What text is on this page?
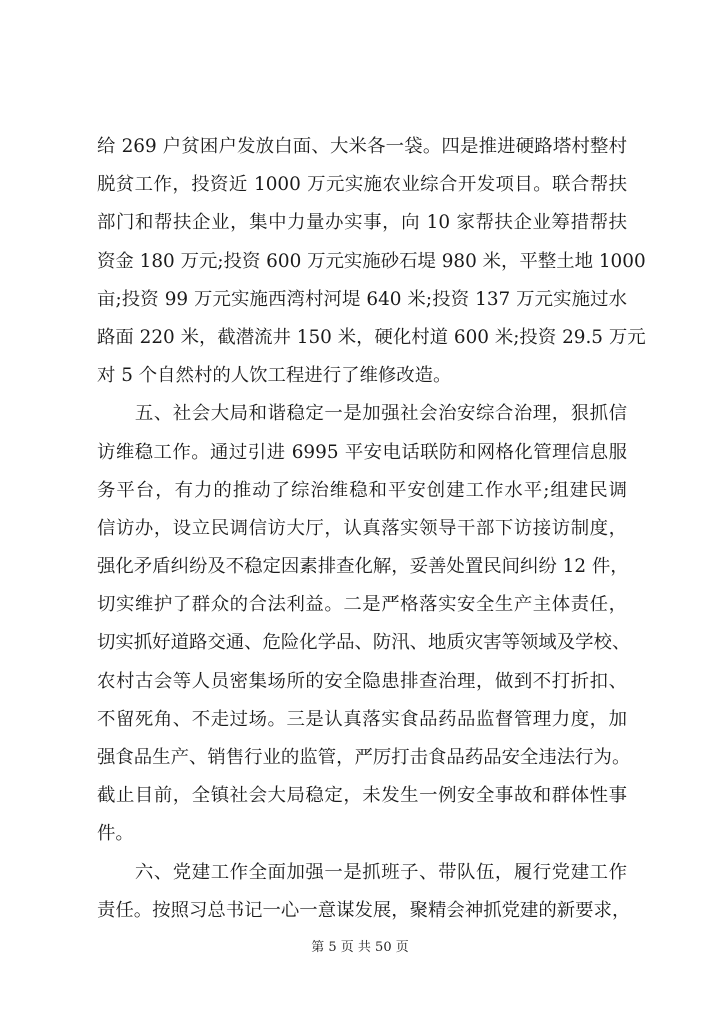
给 269 户贫困户发放白面、大米各一袋。四是推进硬路塔村整村
脱贫工作，投资近 1000 万元实施农业综合开发项目。联合帮扶
部门和帮扶企业，集中力量办实事，向 10 家帮扶企业筹措帮扶
资金 180 万元;投资 600 万元实施砂石堤 980 米，平整土地 1000
亩;投资 99 万元实施西湾村河堤 640 米;投资 137 万元实施过水
路面 220 米，截潜流井 150 米，硬化村道 600 米;投资 29.5 万元
对 5 个自然村的人饮工程进行了维修改造。
　　五、社会大局和谐稳定一是加强社会治安综合治理，狠抓信
访维稳工作。通过引进 6995 平安电话联防和网格化管理信息服
务平台，有力的推动了综治维稳和平安创建工作水平;组建民调
信访办，设立民调信访大厅，认真落实领导干部下访接访制度，
强化矛盾纠纷及不稳定因素排查化解，妥善处置民间纠纷 12 件，
切实维护了群众的合法利益。二是严格落实安全生产主体责任，
切实抓好道路交通、危险化学品、防汛、地质灾害等领域及学校、
农村古会等人员密集场所的安全隐患排查治理，做到不打折扣、
不留死角、不走过场。三是认真落实食品药品监督管理力度，加
强食品生产、销售行业的监管，严厉打击食品药品安全违法行为。
截止目前，全镇社会大局稳定，未发生一例安全事故和群体性事
件。
　　六、党建工作全面加强一是抓班子、带队伍，履行党建工作
责任。按照习总书记一心一意谋发展，聚精会神抓党建的新要求，
第 5 页 共 50 页
